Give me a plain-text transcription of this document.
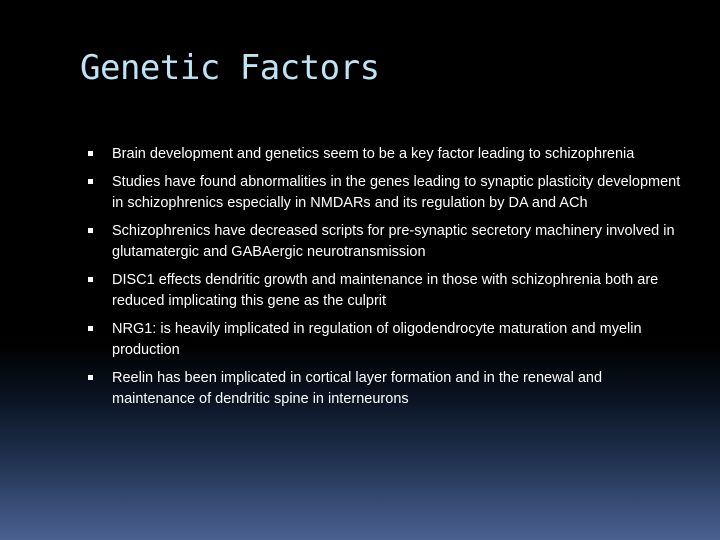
Genetic Factors
Brain development and genetics seem to be a key factor leading to schizophrenia
Studies have found abnormalities in the genes leading to synaptic plasticity development in schizophrenics especially in NMDARs and its regulation by DA and ACh
Schizophrenics have decreased scripts for pre-synaptic secretory machinery involved in glutamatergic and GABAergic neurotransmission
DISC1 effects dendritic growth and maintenance in those with schizophrenia both are reduced implicating this gene as the culprit
NRG1: is heavily implicated in regulation of oligodendrocyte maturation and myelin production
Reelin has been implicated in cortical layer formation and in the renewal and maintenance of dendritic spine in interneurons
